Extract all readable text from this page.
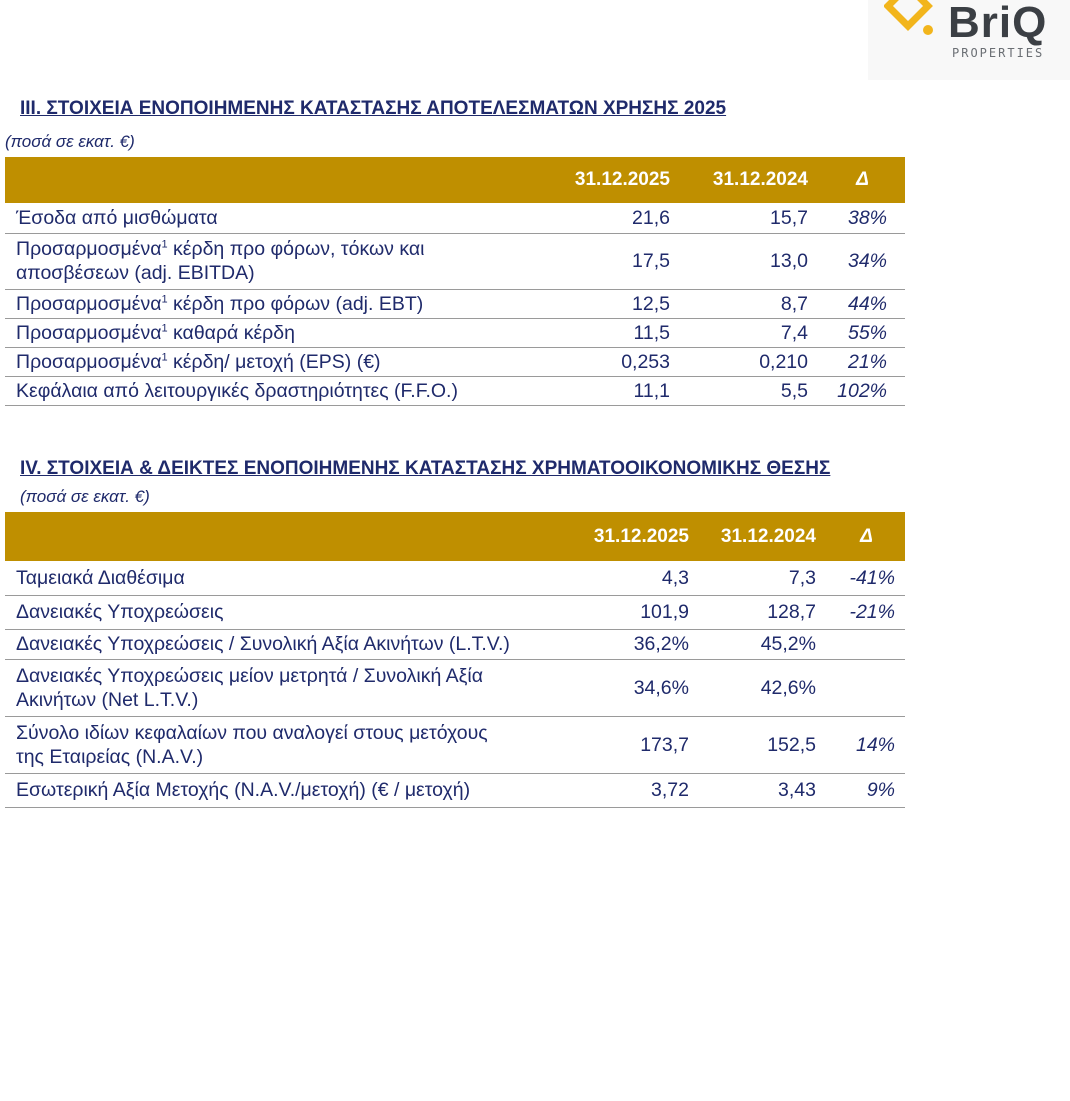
BriQ
PROPERTIES
III. ΣΤΟΙΧΕΙΑ ΕΝΟΠΟΙΗΜΕΝΗΣ ΚΑΤΑΣΤΑΣΗΣ ΑΠΟΤΕΛΕΣΜΑΤΩΝ ΧΡΗΣΗΣ 2025
(ποσά σε εκατ. €)
	31.12.2025	31.12.2024	Δ
Έσοδα από μισθώματα	21,6	15,7	38%
Προσαρμοσμένα$^1$ κέρδη προ φόρων, τόκων και
αποσβέσεων (adj. EBITDA)	17,5	13,0	34%
Προσαρμοσμένα$^1$ κέρδη προ φόρων (adj. EBT)	12,5	8,7	44%
Προσαρμοσμένα$^1$ καθαρά κέρδη	11,5	7,4	55%
Προσαρμοσμένα$^1$ κέρδη/ μετοχή (EPS) (€)	0,253	0,210	21%
Κεφάλαια από λειτουργικές δραστηριότητες (F.F.O.)	11,1	5,5	102%
IV. ΣΤΟΙΧΕΙΑ & ΔΕΙΚΤΕΣ ΕΝΟΠΟΙΗΜΕΝΗΣ ΚΑΤΑΣΤΑΣΗΣ ΧΡΗΜΑΤΟΟΙΚΟΝΟΜΙΚΗΣ ΘΕΣΗΣ
(ποσά σε εκατ. €)
	31.12.2025	31.12.2024	Δ
Ταμειακά Διαθέσιμα	4,3	7,3	-41%
Δανειακές Υποχρεώσεις	101,9	128,7	-21%
Δανειακές Υποχρεώσεις / Συνολική Αξία Ακινήτων (L.T.V.)	36,2%	45,2%	
Δανειακές Υποχρεώσεις μείον μετρητά / Συνολική Αξία
Ακινήτων (Net L.T.V.)	34,6%	42,6%	
Σύνολο ιδίων κεφαλαίων που αναλογεί στους μετόχους
της Εταιρείας (N.A.V.)	173,7	152,5	14%
Εσωτερική Αξία Μετοχής (N.A.V./μετοχή) (€ / μετοχή)	3,72	3,43	9%
